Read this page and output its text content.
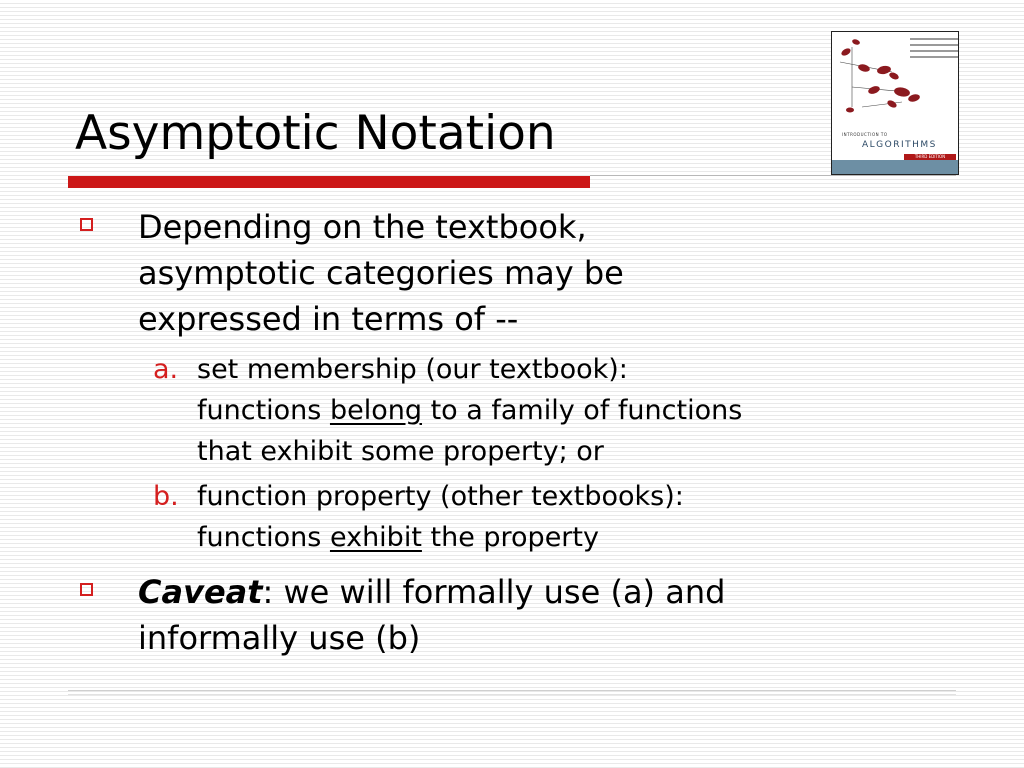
Asymptotic Notation	INTRODUCTION TO
ALGORITHMS
THIRD EDITION
Depending on the textbook,
asymptotic categories may be
expressed in terms of --
a. set membership (our textbook):
functions belong to a family of functions
that exhibit some property; or
b. function property (other textbooks):
functions exhibit the property
Caveat: we will formally use (a) and
informally use (b)
